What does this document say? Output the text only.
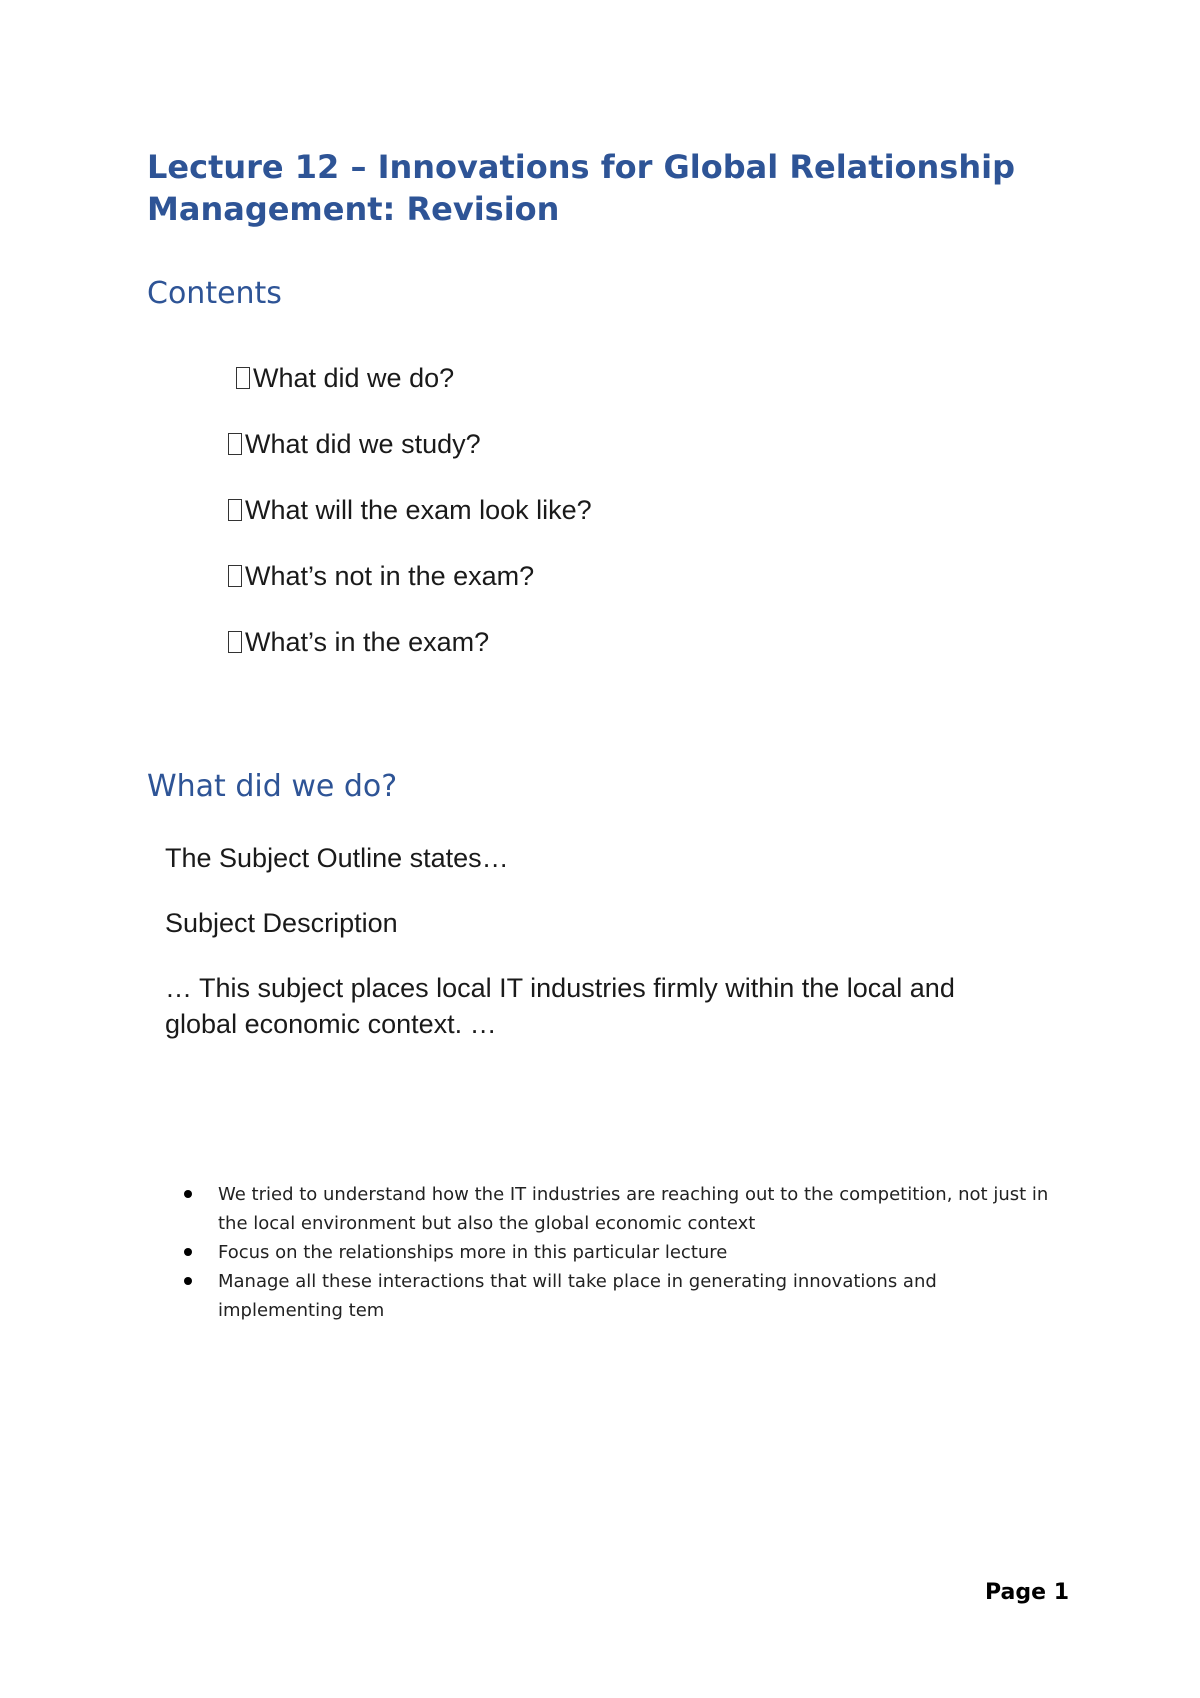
Lecture 12 – Innovations for Global Relationship Management: Revision
Contents
What did we do?
What did we study?
What will the exam look like?
What’s not in the exam?
What’s in the exam?
What did we do?

The Subject Outline states…

Subject Description

… This subject places local IT industries firmly within the local and global economic context. …

We tried to understand how the IT industries are reaching out to the competition, not just in the local environment but also the global economic context
Focus on the relationships more in this particular lecture
Manage all these interactions that will take place in generating innovations and implementing tem
Page 1
